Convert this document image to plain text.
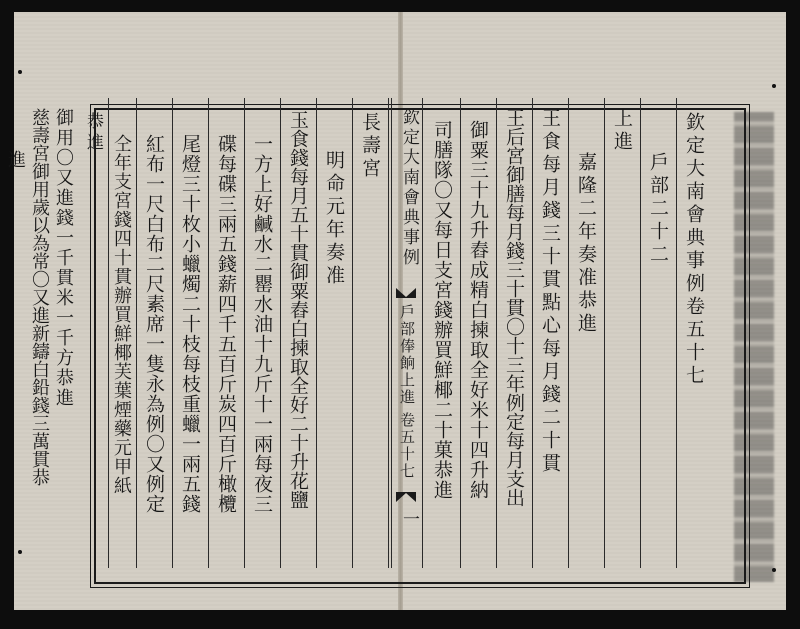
欽定大南會典事例卷五十七
戶部二十二
上進
嘉隆二年奏准恭進
王食每月錢三十貫點心每月錢二十貫
王后宮御膳每月錢三十貫〇十三年例定每月支出
御粟三十九升舂成精白揀取全好米十四升納
司膳隊〇又每日支宮錢辦買鮮椰二十菓恭進
欽定大南會典事例
戶部俸餉上進
卷五十七
一
長壽宮
明命元年奏准
玉食錢每月五十貫御粟舂白揀取全好二十升花鹽
一方上好鹹水二罌水油十九斤十一兩每夜三
碟每碟三兩五錢薪四千五百斤炭四百斤橄欖
尾燈三十枚小蠟燭二十枝每枝重蠟一兩五錢
紅布一尺白布二尺素席一隻永為例〇又例定
仝年支宮錢四十貫辦買鮮椰芙葉煙藥元甲紙
恭進
御用〇又進錢一千貫米一千方恭進
慈壽宮御用歲以為常〇又進新鑄白鉛錢三萬貫恭
進
